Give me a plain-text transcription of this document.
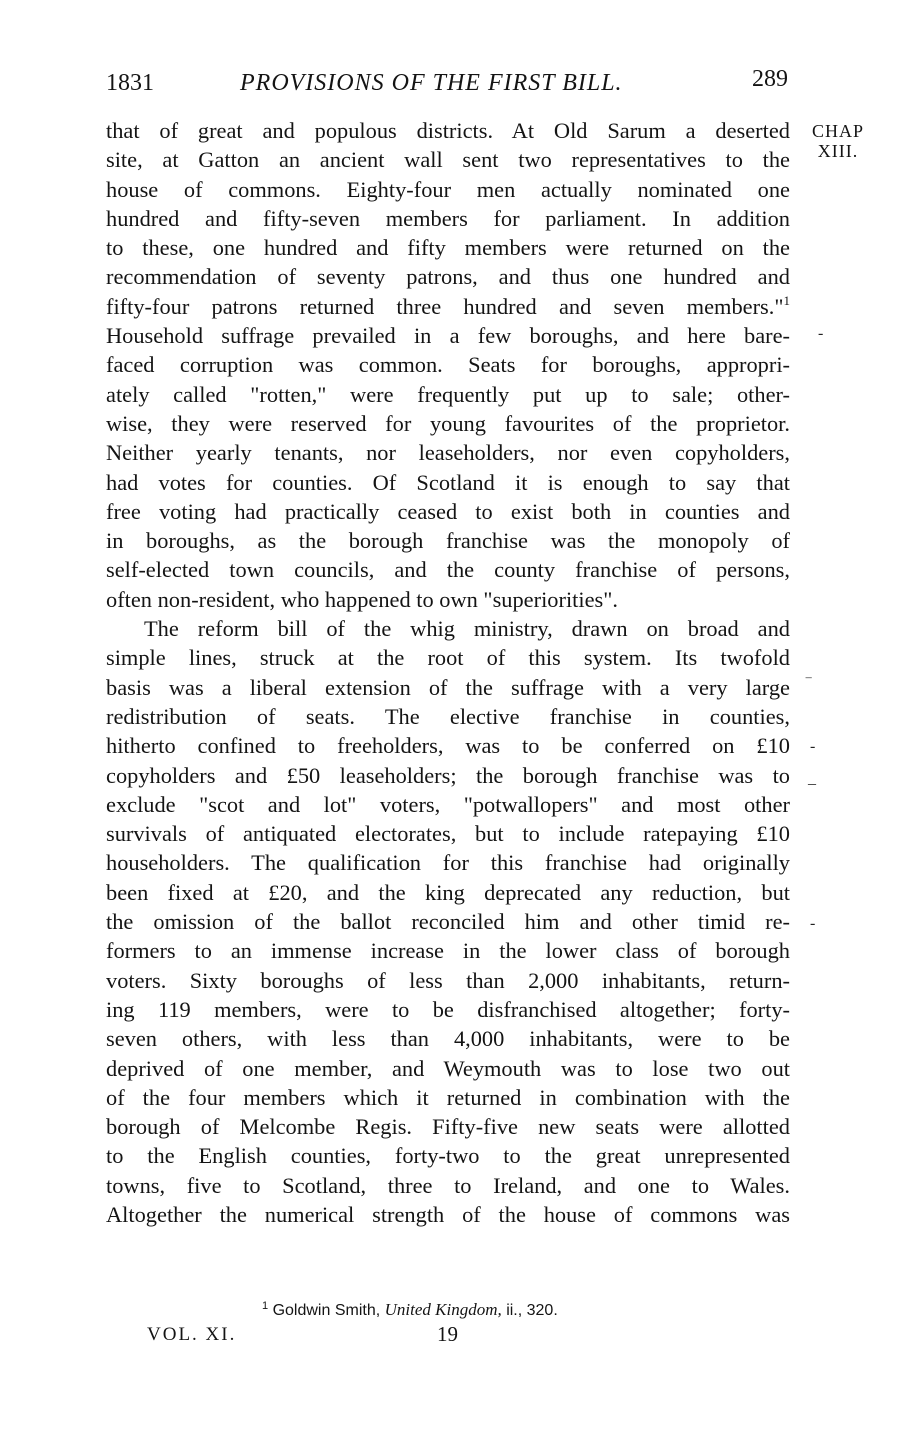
1831	PROVISIONS OF THE FIRST BILL.	289
CHAP
XIII.
that of great and populous districts. At Old Sarum a deserted
site, at Gatton an ancient wall sent two representatives to the
house of commons. Eighty-four men actually nominated one
hundred and fifty-seven members for parliament. In addition
to these, one hundred and fifty members were returned on the
recommendation of seventy patrons, and thus one hundred and
fifty-four patrons returned three hundred and seven members."$^1$
Household suffrage prevailed in a few boroughs, and here bare-
faced corruption was common. Seats for boroughs, appropri-
ately called "rotten," were frequently put up to sale; other-
wise, they were reserved for young favourites of the proprietor.
Neither yearly tenants, nor leaseholders, nor even copyholders,
had votes for counties. Of Scotland it is enough to say that
free voting had practically ceased to exist both in counties and
in boroughs, as the borough franchise was the monopoly of
self-elected town councils, and the county franchise of persons,
often non-resident, who happened to own "superiorities".
The reform bill of the whig ministry, drawn on broad and
simple lines, struck at the root of this system. Its twofold
basis was a liberal extension of the suffrage with a very large
redistribution of seats. The elective franchise in counties,
hitherto confined to freeholders, was to be conferred on £10
copyholders and £50 leaseholders; the borough franchise was to
exclude "scot and lot" voters, "potwallopers" and most other
survivals of antiquated electorates, but to include ratepaying £10
householders. The qualification for this franchise had originally
been fixed at £20, and the king deprecated any reduction, but
the omission of the ballot reconciled him and other timid re-
formers to an immense increase in the lower class of borough
voters. Sixty boroughs of less than 2,000 inhabitants, return-
ing 119 members, were to be disfranchised altogether; forty-
seven others, with less than 4,000 inhabitants, were to be
deprived of one member, and Weymouth was to lose two out
of the four members which it returned in combination with the
borough of Melcombe Regis. Fifty-five new seats were allotted
to the English counties, forty-two to the great unrepresented
towns, five to Scotland, three to Ireland, and one to Wales.
Altogether the numerical strength of the house of commons was
-
‾
-
_
-
$^1$ Goldwin Smith, United Kingdom, ii., 320.
VOL. XI.	19
